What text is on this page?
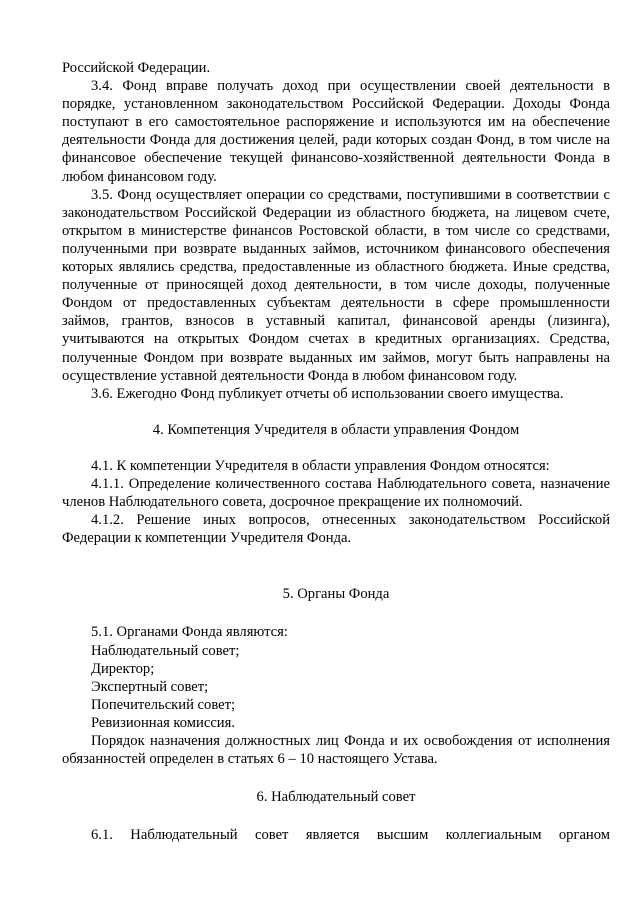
Российской Федерации.

3.4. Фонд вправе получать доход при осуществлении своей деятельности в порядке, установленном законодательством Российской Федерации. Доходы Фонда поступают в его самостоятельное распоряжение и используются им на обеспечение деятельности Фонда для достижения целей, ради которых создан Фонд, в том числе на финансовое обеспечение текущей финансово-хозяйственной деятельности Фонда в любом финансовом году.

3.5. Фонд осуществляет операции со средствами, поступившими в соответствии с законодательством Российской Федерации из областного бюджета, на лицевом счете, открытом в министерстве финансов Ростовской области, в том числе со средствами, полученными при возврате выданных займов, источником финансового обеспечения которых являлись средства, предоставленные из областного бюджета. Иные средства, полученные от приносящей доход деятельности, в том числе доходы, полученные Фондом от предоставленных субъектам деятельности в сфере промышленности займов, грантов, взносов в уставный капитал, финансовой аренды (лизинга), учитываются на открытых Фондом счетах в кредитных организациях. Средства, полученные Фондом при возврате выданных им займов, могут быть направлены на осуществление уставной деятельности Фонда в любом финансовом году.

3.6. Ежегодно Фонд публикует отчеты об использовании своего имущества.

4. Компетенция Учредителя в области управления Фондом

4.1. К компетенции Учредителя в области управления Фондом относятся:

4.1.1. Определение количественного состава Наблюдательного совета, назначение членов Наблюдательного совета, досрочное прекращение их полномочий.

4.1.2. Решение иных вопросов, отнесенных законодательством Российской Федерации к компетенции Учредителя Фонда.

5. Органы Фонда

5.1. Органами Фонда являются:

Наблюдательный совет;

Директор;

Экспертный совет;

Попечительский совет;

Ревизионная комиссия.

Порядок назначения должностных лиц Фонда и их освобождения от исполнения обязанностей определен в статьях 6 – 10 настоящего Устава.

6. Наблюдательный совет

6.1. Наблюдательный совет является высшим коллегиальным органом
